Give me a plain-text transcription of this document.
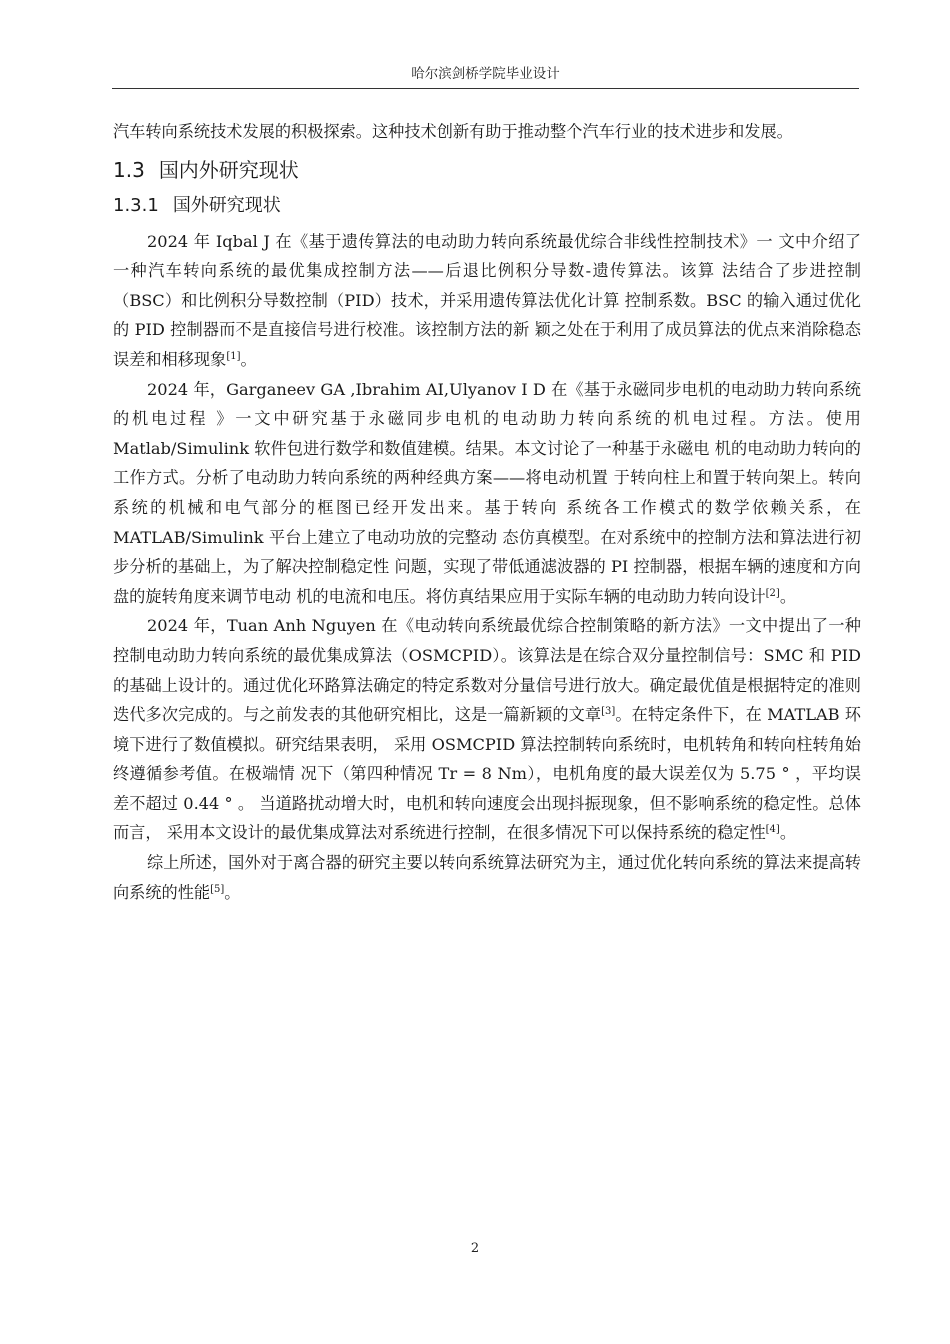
哈尔滨剑桥学院毕业设计

汽车转向系统技术发展的积极探索。这种技术创新有助于推动整个汽车行业的技术进步和发展。

1.3 国内外研究现状
1.3.1 国外研究现状

2024 年 Iqbal J 在《基于遗传算法的电动助力转向系统最优综合非线性控制技术》一 文中介绍了一种汽车转向系统的最优集成控制方法——后退比例积分导数-遗传算法。该算 法结合了步进控制（BSC）和比例积分导数控制（PID）技术，并采用遗传算法优化计算 控制系数。BSC 的输入通过优化的 PID 控制器而不是直接信号进行校准。该控制方法的新 颖之处在于利用了成员算法的优点来消除稳态误差和相移现象[1]。

2024 年，Garganeev GA ,Ibrahim AI,Ulyanov I D 在《基于永磁同步电机的电动助力转向系统的机电过程 》一文中研究基于永磁同步电机的电动助力转向系统的机电过程。方法。使用 Matlab/Simulink 软件包进行数学和数值建模。结果。本文讨论了一种基于永磁电 机的电动助力转向的工作方式。分析了电动助力转向系统的两种经典方案——将电动机置 于转向柱上和置于转向架上。转向系统的机械和电气部分的框图已经开发出来。基于转向 系统各工作模式的数学依赖关系，在 MATLAB/Simulink 平台上建立了电动功放的完整动 态仿真模型。在对系统中的控制方法和算法进行初步分析的基础上，为了解决控制稳定性 问题，实现了带低通滤波器的 PI 控制器，根据车辆的速度和方向盘的旋转角度来调节电动 机的电流和电压。将仿真结果应用于实际车辆的电动助力转向设计[2]。

2024 年，Tuan Anh Nguyen 在《电动转向系统最优综合控制策略的新方法》一文中提出了一种控制电动助力转向系统的最优集成算法（OSMCPID）。该算法是在综合双分量控制信号：SMC 和 PID 的基础上设计的。通过优化环路算法确定的特定系数对分量信号进行放大。确定最优值是根据特定的准则迭代多次完成的。与之前发表的其他研究相比，这是一篇新颖的文章[3]。在特定条件下，在 MATLAB 环境下进行了数值模拟。研究结果表明， 采用 OSMCPID 算法控制转向系统时，电机转角和转向柱转角始终遵循参考值。在极端情 况下（第四种情况 Tr = 8 Nm），电机角度的最大误差仅为 5.75 ° ，平均误差不超过 0.44 ° 。 当道路扰动增大时，电机和转向速度会出现抖振现象，但不影响系统的稳定性。总体而言， 采用本文设计的最优集成算法对系统进行控制，在很多情况下可以保持系统的稳定性[4]。

综上所述，国外对于离合器的研究主要以转向系统算法研究为主，通过优化转向系统的算法来提高转向系统的性能[5]。

2
